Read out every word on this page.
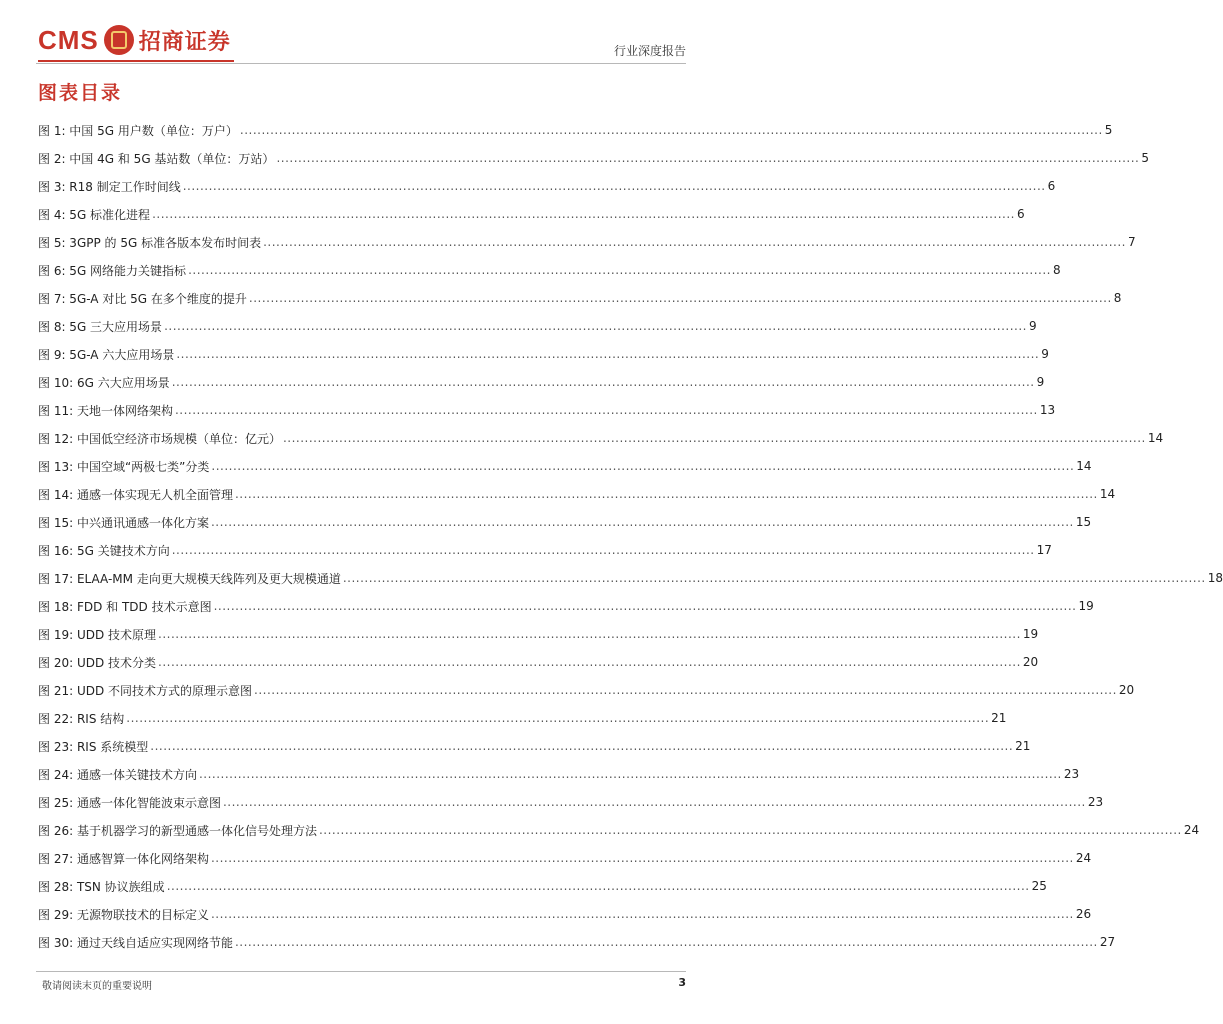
CMS 招商证券	行业深度报告
图表目录
图 1: 中国 5G 用户数（单位：万户） ........................................................................................................................................................................................................ 5
图 2: 中国 4G 和 5G 基站数（单位：万站） ........................................................................................................................................................................................................ 5
图 3: R18 制定工作时间线 ........................................................................................................................................................................................................ 6
图 4: 5G 标准化进程 ........................................................................................................................................................................................................ 6
图 5: 3GPP 的 5G 标准各版本发布时间表 ........................................................................................................................................................................................................ 7
图 6: 5G 网络能力关键指标 ........................................................................................................................................................................................................ 8
图 7: 5G-A 对比 5G 在多个维度的提升 ........................................................................................................................................................................................................ 8
图 8: 5G 三大应用场景 ........................................................................................................................................................................................................ 9
图 9: 5G-A 六大应用场景 ........................................................................................................................................................................................................ 9
图 10: 6G 六大应用场景 ........................................................................................................................................................................................................ 9
图 11: 天地一体网络架构 ........................................................................................................................................................................................................ 13
图 12: 中国低空经济市场规模（单位：亿元） ........................................................................................................................................................................................................ 14
图 13: 中国空域“两极七类”分类 ........................................................................................................................................................................................................ 14
图 14: 通感一体实现无人机全面管理 ........................................................................................................................................................................................................ 14
图 15: 中兴通讯通感一体化方案 ........................................................................................................................................................................................................ 15
图 16: 5G 关键技术方向 ........................................................................................................................................................................................................ 17
图 17: ELAA-MM 走向更大规模天线阵列及更大规模通道 ........................................................................................................................................................................................................ 18
图 18: FDD 和 TDD 技术示意图 ........................................................................................................................................................................................................ 19
图 19: UDD 技术原理 ........................................................................................................................................................................................................ 19
图 20: UDD 技术分类 ........................................................................................................................................................................................................ 20
图 21: UDD 不同技术方式的原理示意图 ........................................................................................................................................................................................................ 20
图 22: RIS 结构 ........................................................................................................................................................................................................ 21
图 23: RIS 系统模型 ........................................................................................................................................................................................................ 21
图 24: 通感一体关键技术方向 ........................................................................................................................................................................................................ 23
图 25: 通感一体化智能波束示意图 ........................................................................................................................................................................................................ 23
图 26: 基于机器学习的新型通感一体化信号处理方法 ........................................................................................................................................................................................................ 24
图 27: 通感智算一体化网络架构 ........................................................................................................................................................................................................ 24
图 28: TSN 协议族组成 ........................................................................................................................................................................................................ 25
图 29: 无源物联技术的目标定义 ........................................................................................................................................................................................................ 26
图 30: 通过天线自适应实现网络节能 ........................................................................................................................................................................................................ 27
敬请阅读末页的重要说明	3
